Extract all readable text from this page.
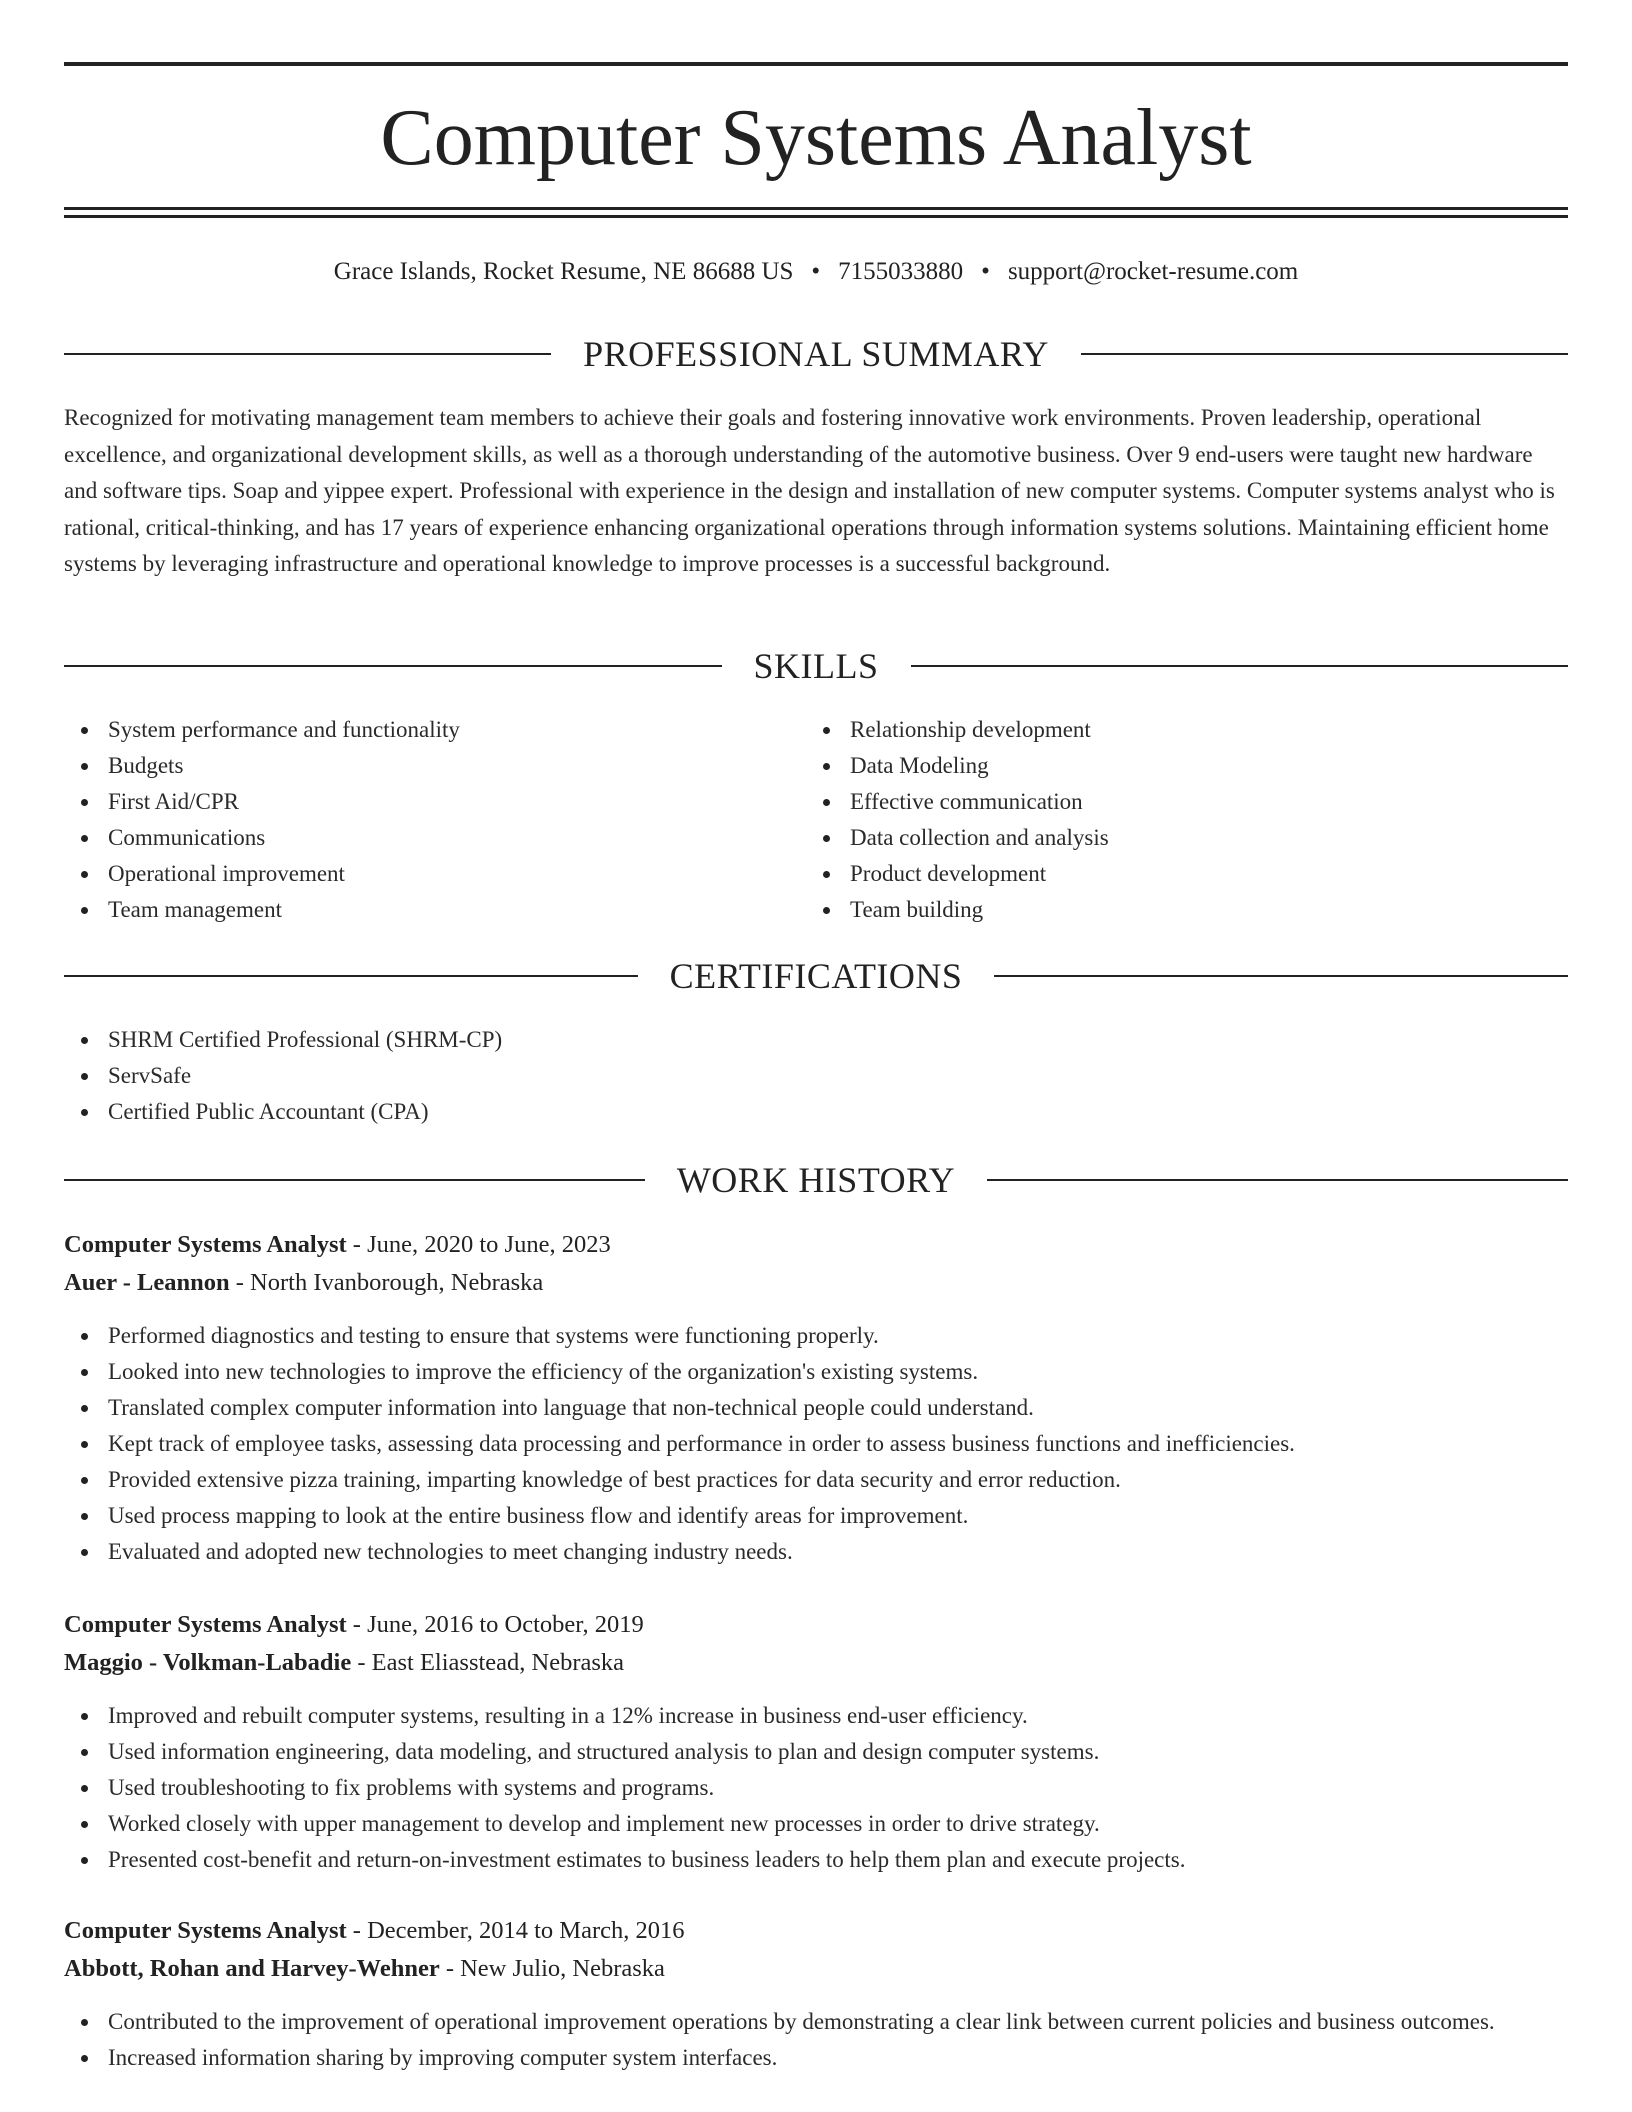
Computer Systems Analyst
Grace Islands, Rocket Resume, NE 86688 US • 7155033880 • support@rocket-resume.com
PROFESSIONAL SUMMARY

Recognized for motivating management team members to achieve their goals and fostering innovative work environments. Proven leadership, operational excellence, and organizational development skills, as well as a thorough understanding of the automotive business. Over 9 end-users were taught new hardware and software tips. Soap and yippee expert. Professional with experience in the design and installation of new computer systems. Computer systems analyst who is rational, critical-thinking, and has 17 years of experience enhancing organizational operations through information systems solutions. Maintaining efficient home systems by leveraging infrastructure and operational knowledge to improve processes is a successful background.

SKILLS
System performance and functionality
Budgets
First Aid/CPR
Communications
Operational improvement
Team management
Relationship development
Data Modeling
Effective communication
Data collection and analysis
Product development
Team building
CERTIFICATIONS
SHRM Certified Professional (SHRM-CP)
ServSafe
Certified Public Accountant (CPA)
WORK HISTORY
Computer Systems Analyst - June, 2020 to June, 2023
Auer - Leannon - North Ivanborough, Nebraska
Performed diagnostics and testing to ensure that systems were functioning properly.
Looked into new technologies to improve the efficiency of the organization's existing systems.
Translated complex computer information into language that non-technical people could understand.
Kept track of employee tasks, assessing data processing and performance in order to assess business functions and inefficiencies.
Provided extensive pizza training, imparting knowledge of best practices for data security and error reduction.
Used process mapping to look at the entire business flow and identify areas for improvement.
Evaluated and adopted new technologies to meet changing industry needs.
Computer Systems Analyst - June, 2016 to October, 2019
Maggio - Volkman-Labadie - East Eliasstead, Nebraska
Improved and rebuilt computer systems, resulting in a 12% increase in business end-user efficiency.
Used information engineering, data modeling, and structured analysis to plan and design computer systems.
Used troubleshooting to fix problems with systems and programs.
Worked closely with upper management to develop and implement new processes in order to drive strategy.
Presented cost-benefit and return-on-investment estimates to business leaders to help them plan and execute projects.
Computer Systems Analyst - December, 2014 to March, 2016
Abbott, Rohan and Harvey-Wehner - New Julio, Nebraska
Contributed to the improvement of operational improvement operations by demonstrating a clear link between current policies and business outcomes.
Increased information sharing by improving computer system interfaces.
